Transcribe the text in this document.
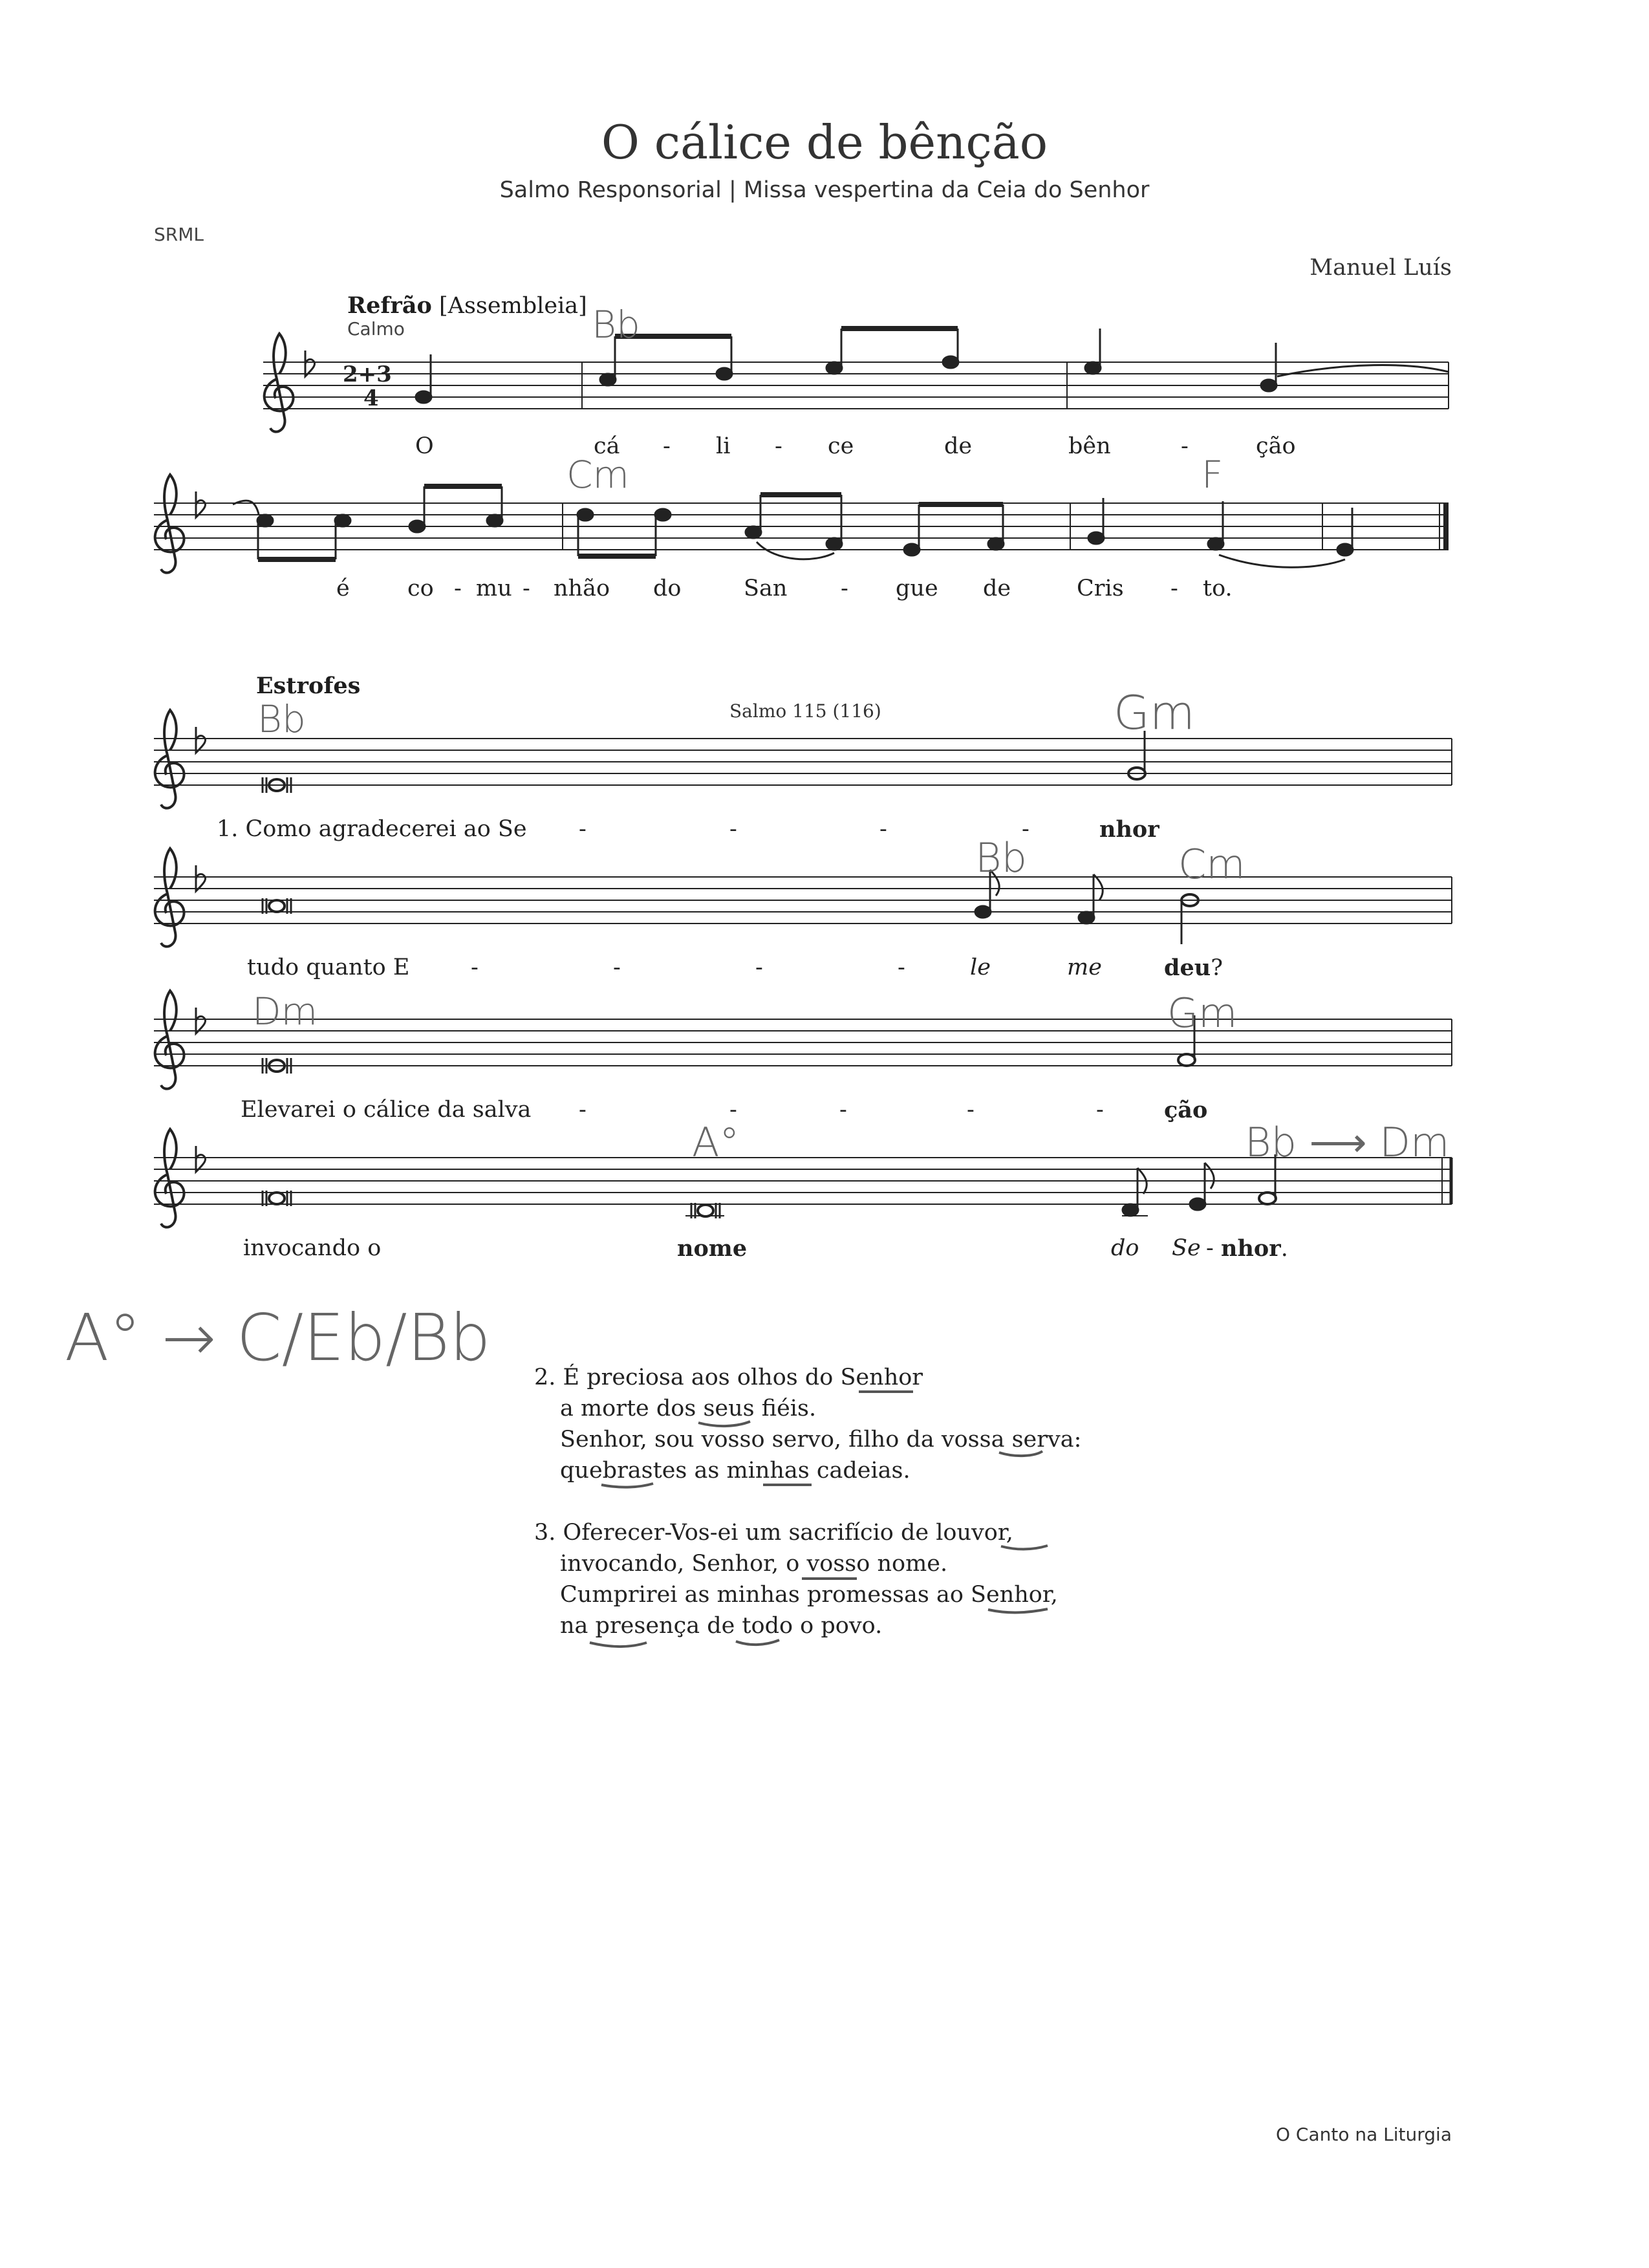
O cálice de bênção
Salmo Responsorial | Missa vespertina da Ceia do Senhor
SRML
Manuel Luís
Refrão [Assembleia]
Calmo
2+3
4
O	cá - li - ce	de	bên	-	ção
é	co - mu - nhão do	San - gue de	Cris - to.
Estrofes
Salmo 115 (116)
1. Como agradecerei ao Se -	-	-	-	nhor
tudo quanto E	-	-	-	-	le	me	deu?
Elevarei o cálice da salva -	-	-	-	-	ção
invocando o	nome	do Se - nhor.
2. É preciosa aos olhos do Senhor
a morte dos seus fiéis.
Senhor, sou vosso servo, filho da vossa serva:
quebrastes as minhas cadeias.
3. Oferecer-Vos-ei um sacrifício de louvor,
invocando, Senhor, o vosso nome.
Cumprirei as minhas promessas ao Senhor,
na presença de todo o povo.
Bb
Cm	F
Bb	Gm
Bb	Cm
Dm	Gm
A°	Bb ⟶ Dm
A° → C/Eb/Bb
O Canto na Liturgia
